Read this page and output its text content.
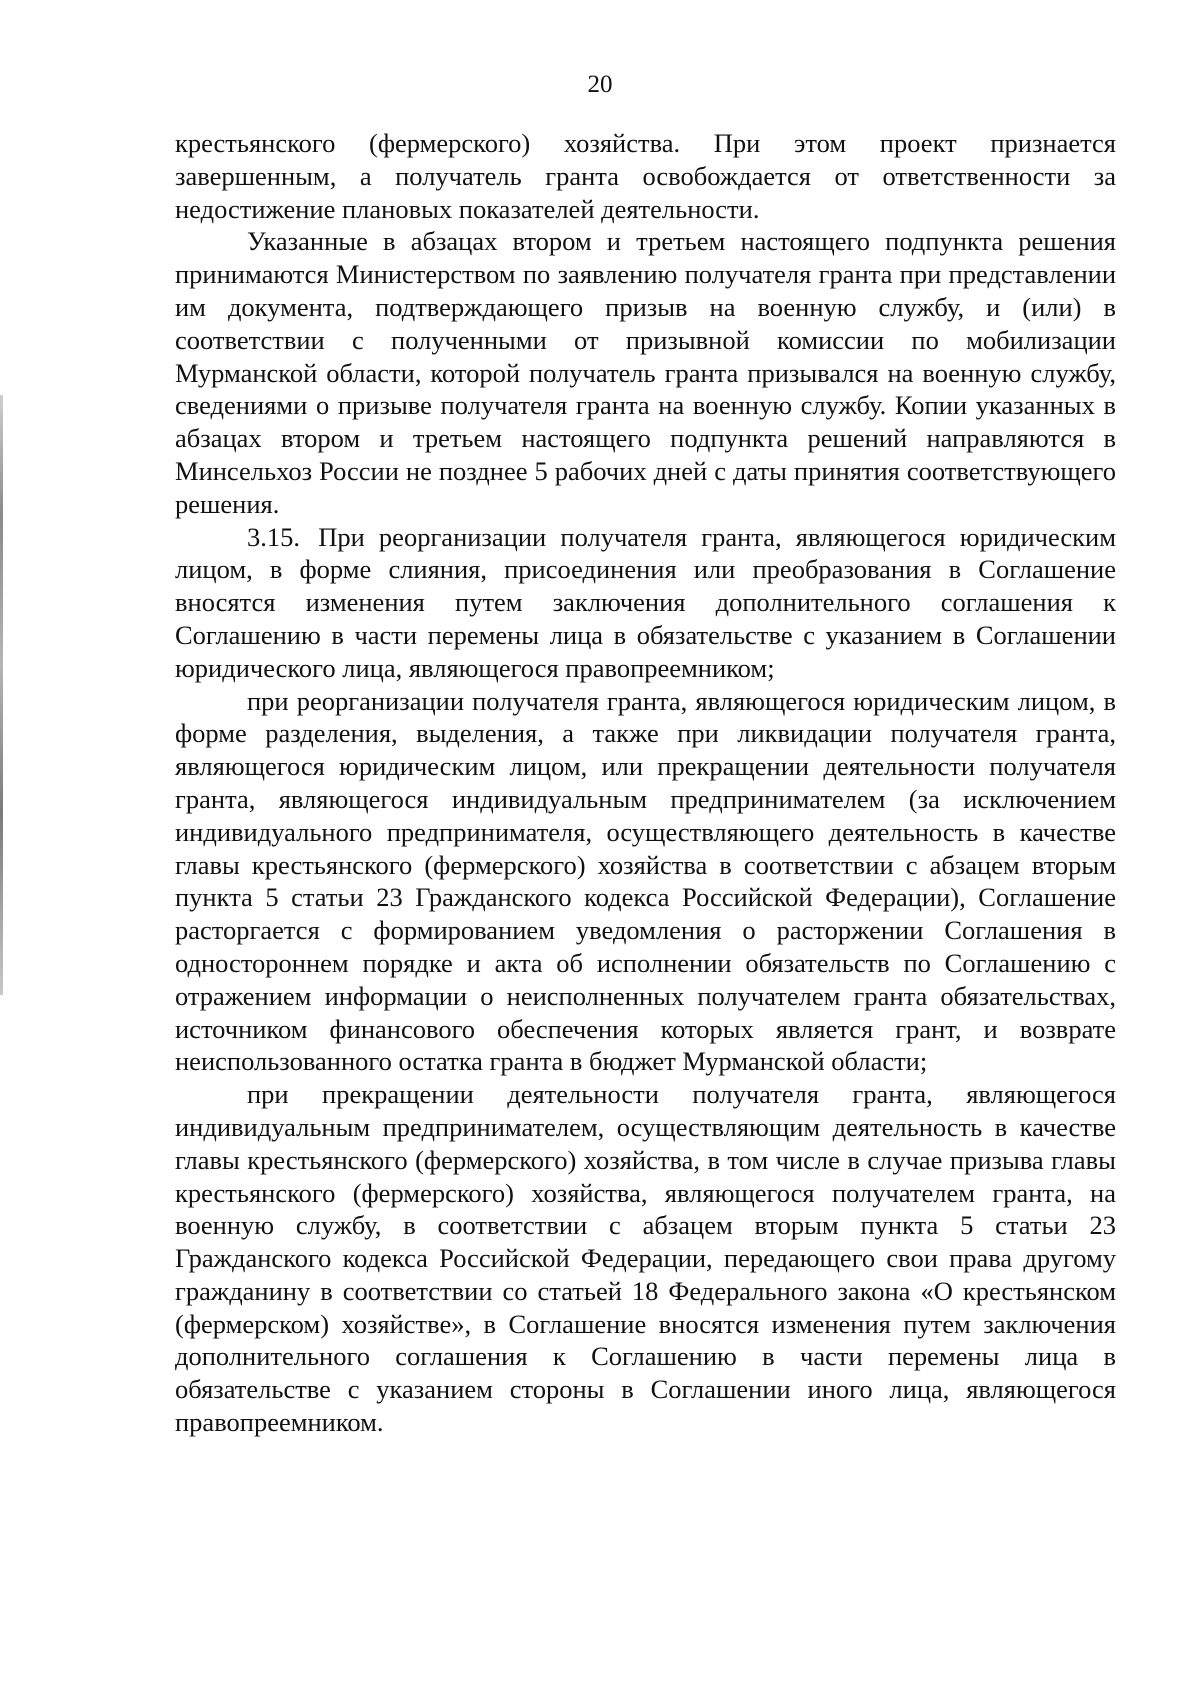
20

крестьянского (фермерского) хозяйства. При этом проект признается завершенным, а получатель гранта освобождается от ответственности за недостижение плановых показателей деятельности.

Указанные в абзацах втором и третьем настоящего подпункта решения принимаются Министерством по заявлению получателя гранта при представлении им документа, подтверждающего призыв на военную службу, и (или) в соответствии с полученными от призывной комиссии по мобилизации Мурманской области, которой получатель гранта призывался на военную службу, сведениями о призыве получателя гранта на военную службу. Копии указанных в абзацах втором и третьем настоящего подпункта решений направляются в Минсельхоз России не позднее 5 рабочих дней с даты принятия соответствующего решения.

3.15. При реорганизации получателя гранта, являющегося юридическим лицом, в форме слияния, присоединения или преобразования в Соглашение вносятся изменения путем заключения дополнительного соглашения к Соглашению в части перемены лица в обязательстве с указанием в Соглашении юридического лица, являющегося правопреемником;

при реорганизации получателя гранта, являющегося юридическим лицом, в форме разделения, выделения, а также при ликвидации получателя гранта, являющегося юридическим лицом, или прекращении деятельности получателя гранта, являющегося индивидуальным предпринимателем (за исключением индивидуального предпринимателя, осуществляющего деятельность в качестве главы крестьянского (фермерского) хозяйства в соответствии с абзацем вторым пункта 5 статьи 23 Гражданского кодекса Российской Федерации), Соглашение расторгается с формированием уведомления о расторжении Соглашения в одностороннем порядке и акта об исполнении обязательств по Соглашению с отражением информации о неисполненных получателем гранта обязательствах, источником финансового обеспечения которых является грант, и возврате неиспользованного остатка гранта в бюджет Мурманской области;

при прекращении деятельности получателя гранта, являющегося индивидуальным предпринимателем, осуществляющим деятельность в качестве главы крестьянского (фермерского) хозяйства, в том числе в случае призыва главы крестьянского (фермерского) хозяйства, являющегося получателем гранта, на военную службу, в соответствии с абзацем вторым пункта 5 статьи 23 Гражданского кодекса Российской Федерации, передающего свои права другому гражданину в соответствии со статьей 18 Федерального закона «О крестьянском (фермерском) хозяйстве», в Соглашение вносятся изменения путем заключения дополнительного соглашения к Соглашению в части перемены лица в обязательстве с указанием стороны в Соглашении иного лица, являющегося правопреемником.
